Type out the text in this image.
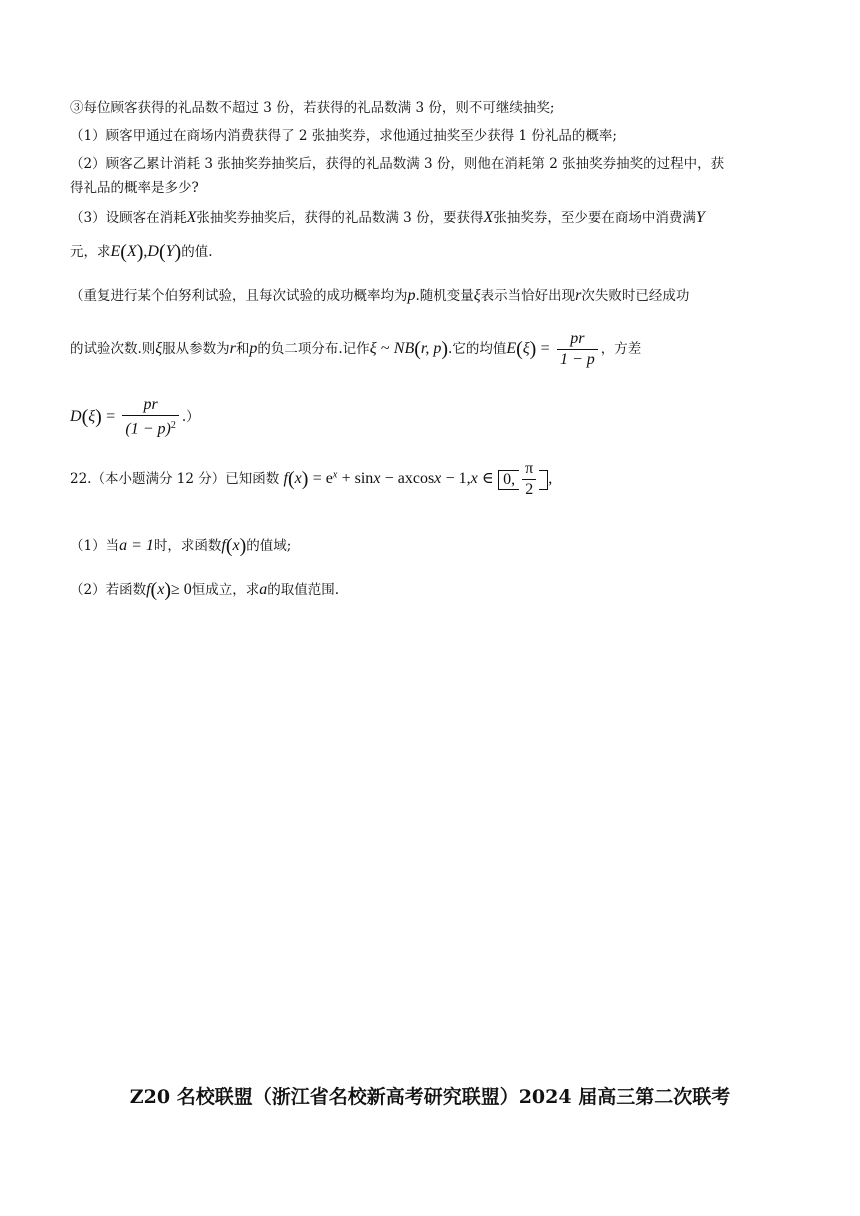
③每位顾客获得的礼品数不超过 3 份，若获得的礼品数满 3 份，则不可继续抽奖;
（1）顾客甲通过在商场内消费获得了 2 张抽奖券，求他通过抽奖至少获得 1 份礼品的概率;
（2）顾客乙累计消耗 3 张抽奖券抽奖后，获得的礼品数满 3 份，则他在消耗第 2 张抽奖券抽奖的过程中，获
得礼品的概率是多少?
（3）设顾客在消耗X张抽奖券抽奖后，获得的礼品数满 3 份，要获得X张抽奖券，至少要在商场中消费满Y
元，求E(X),D(Y)的值.
（重复进行某个伯努利试验，且每次试验的成功概率均为p.随机变量ξ表示当恰好出现r次失败时已经成功
的试验次数.则ξ服从参数为r和p的负二项分布.记作ξ ~ NB(r, p).它的均值$E(\xi) = \frac{pr}{1 - p}$ ，方差
$D(\xi) = \frac{pr}{(1 - p)^2}$ .）
22.（本小题满分 12 分）已知函数 $f(x) = e^x + \sin x - axcosx - 1,x$ ∈ 0, $\frac{\pi}{2}$ ,
（1）当a = 1时，求函数f(x)的值域;
（2）若函数f(x)≥ 0恒成立，求a的取值范围.
Z20 名校联盟（浙江省名校新高考研究联盟）2024 届高三第二次联考
